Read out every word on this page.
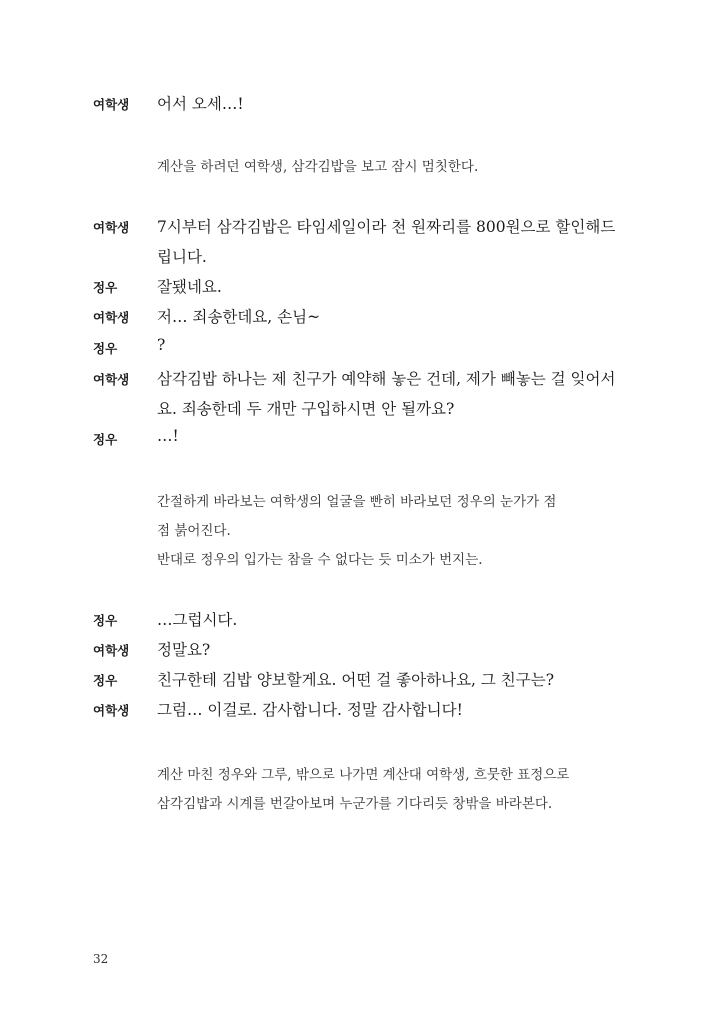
여학생 어서 오세…!
계산을 하려던 여학생, 삼각김밥을 보고 잠시 멈칫한다.
여학생 7시부터 삼각김밥은 타임세일이라 천 원짜리를 800원으로 할인해드
립니다.
정우	잘됐네요.
여학생 저… 죄송한데요, 손님~
정우	?
여학생 삼각김밥 하나는 제 친구가 예약해 놓은 건데, 제가 빼놓는 걸 잊어서
요. 죄송한데 두 개만 구입하시면 안 될까요?
정우	…!
간절하게 바라보는 여학생의 얼굴을 빤히 바라보던 정우의 눈가가 점
점 붉어진다.
반대로 정우의 입가는 참을 수 없다는 듯 미소가 번지는.
정우	…그럽시다.
여학생 정말요?
정우	친구한테 김밥 양보할게요. 어떤 걸 좋아하나요, 그 친구는?
여학생 그럼… 이걸로. 감사합니다. 정말 감사합니다!
계산 마친 정우와 그루, 밖으로 나가면 계산대 여학생, 흐뭇한 표정으로
삼각김밥과 시계를 번갈아보며 누군가를 기다리듯 창밖을 바라본다.
32
